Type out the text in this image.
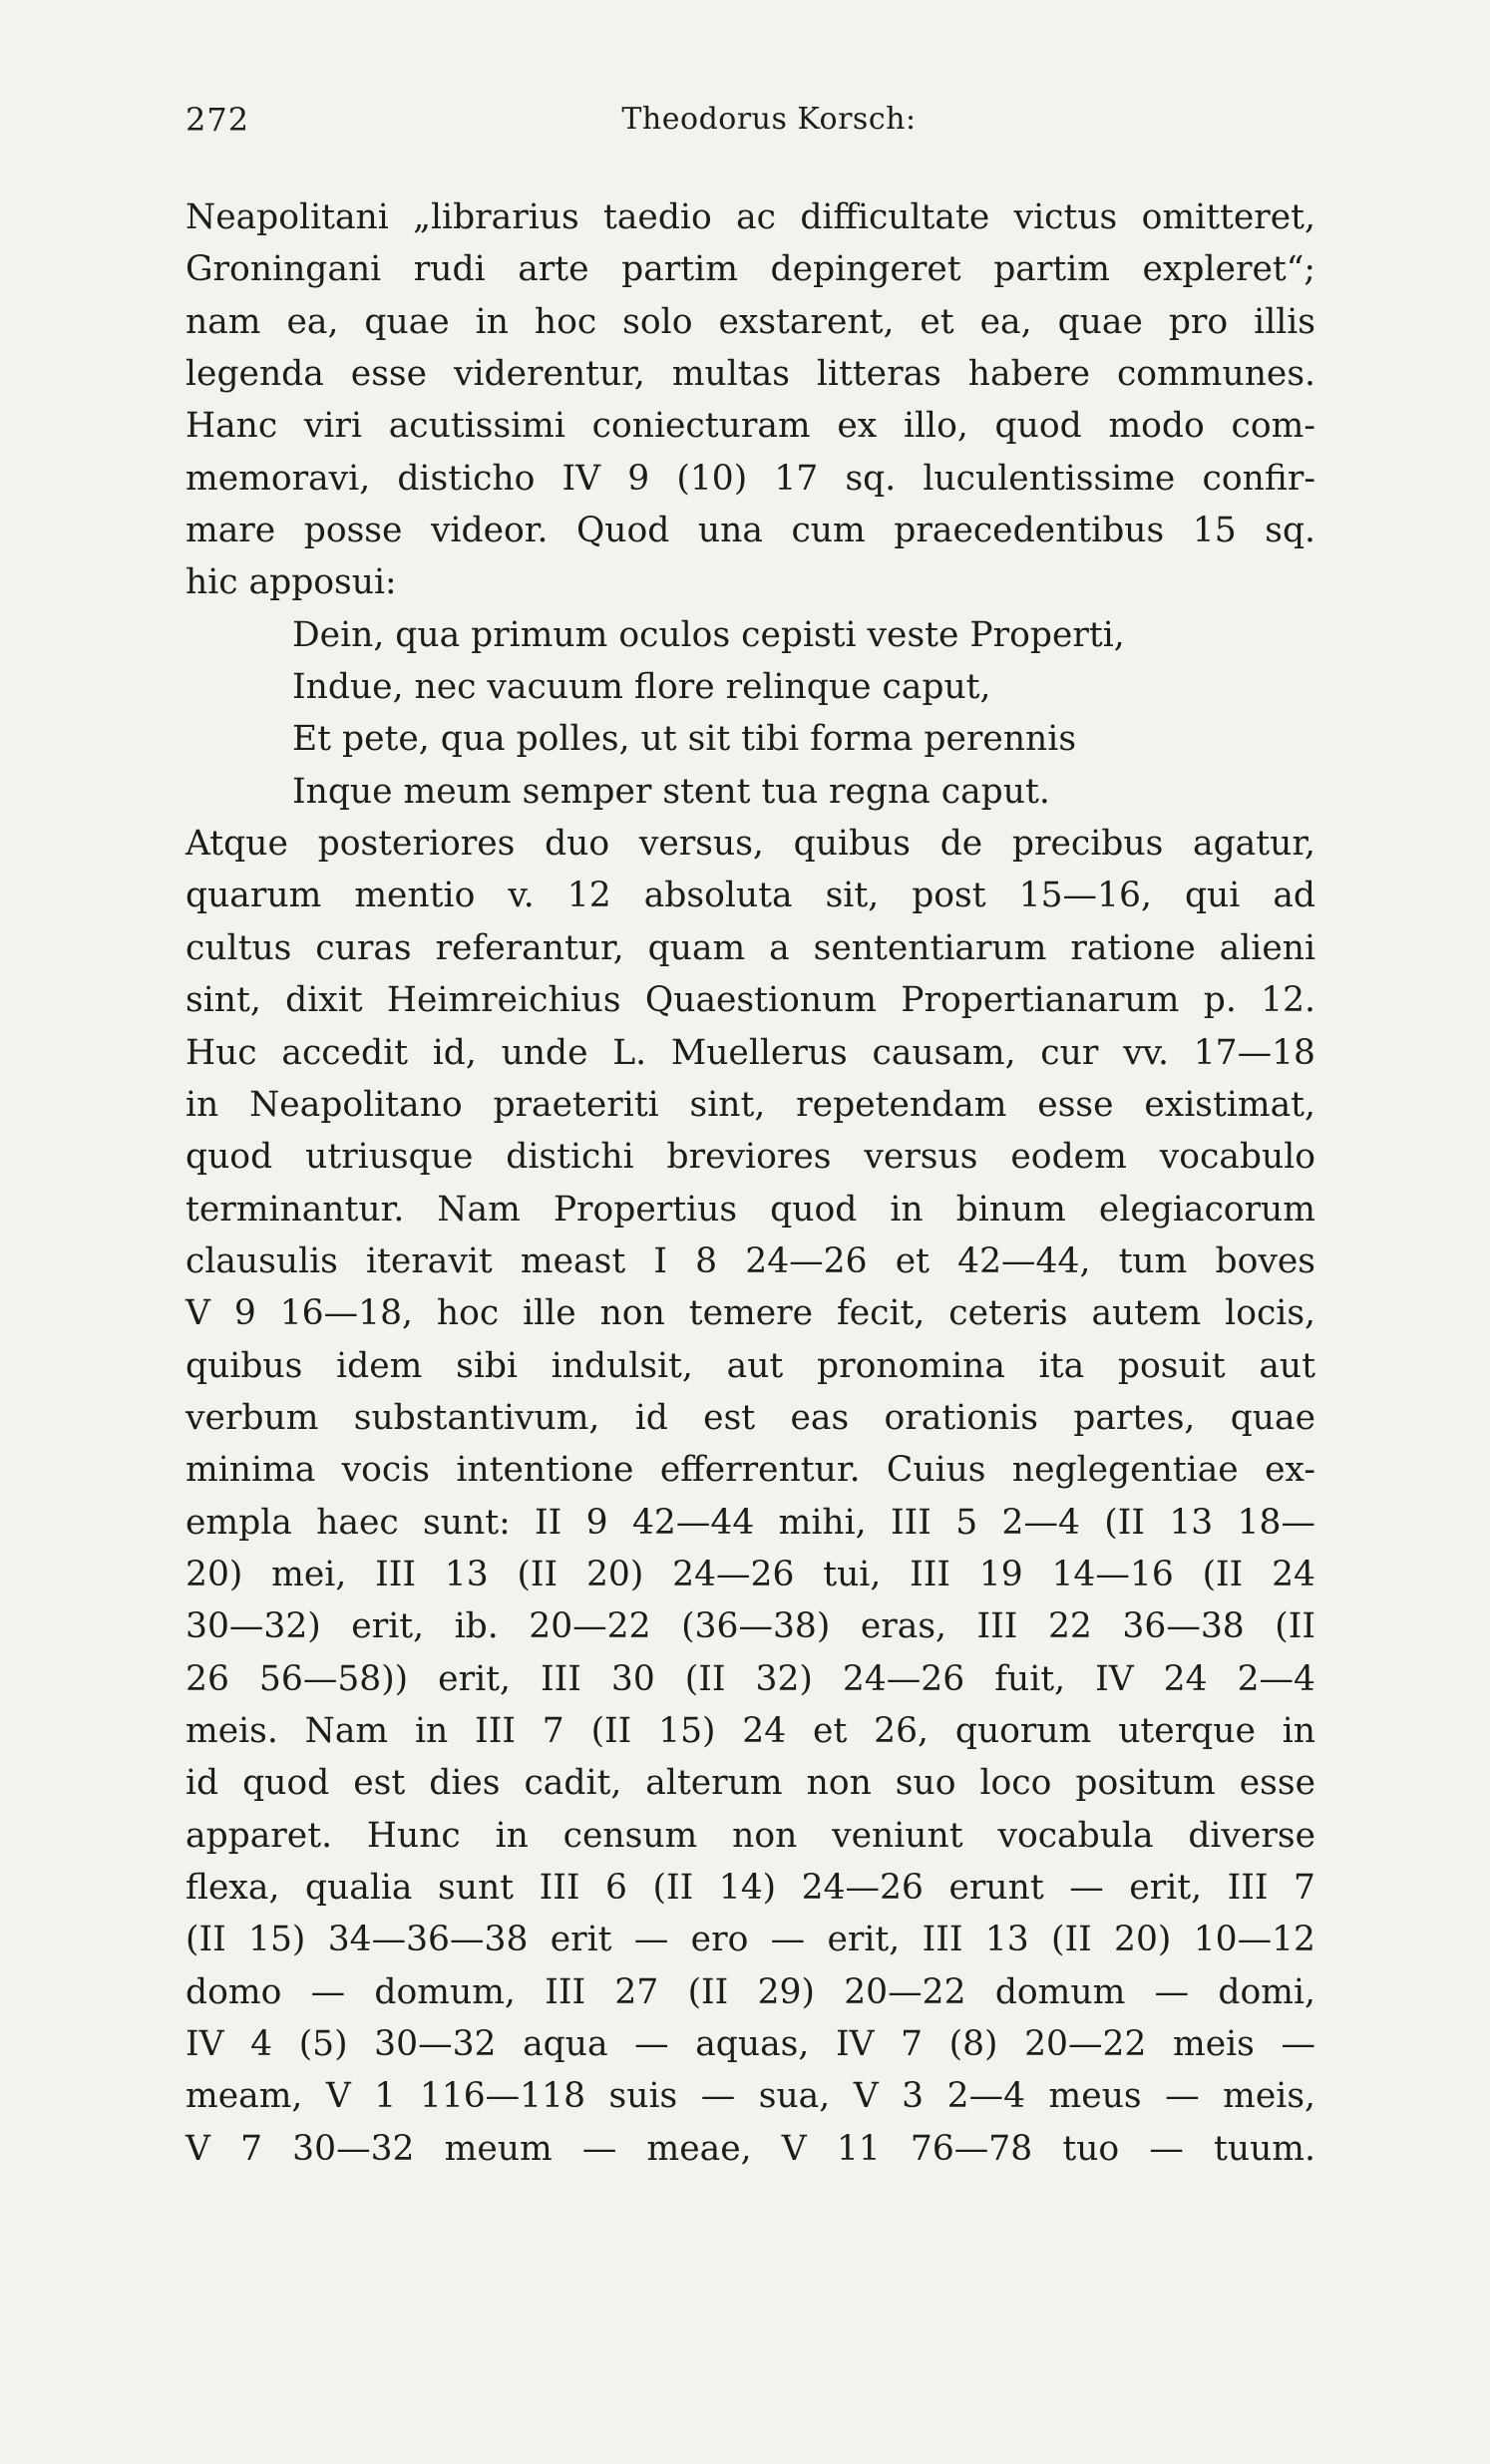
272	Theodorus Korsch:
Neapolitani „librarius taedio ac difficultate victus omitteret,
Groningani rudi arte partim depingeret partim expleret“;
nam ea, quae in hoc solo exstarent, et ea, quae pro illis
legenda esse viderentur, multas litteras habere communes.
Hanc viri acutissimi coniecturam ex illo, quod modo com-
memoravi, disticho IV 9 (10) 17 sq. luculentissime confir-
mare posse videor. Quod una cum praecedentibus 15 sq.
hic apposui:
Dein, qua primum oculos cepisti veste Properti,
Indue, nec vacuum flore relinque caput,
Et pete, qua polles, ut sit tibi forma perennis
Inque meum semper stent tua regna caput.
Atque posteriores duo versus, quibus de precibus agatur,
quarum mentio v. 12 absoluta sit, post 15—16, qui ad
cultus curas referantur, quam a sententiarum ratione alieni
sint, dixit Heimreichius Quaestionum Propertianarum p. 12.
Huc accedit id, unde L. Muellerus causam, cur vv. 17—18
in Neapolitano praeteriti sint, repetendam esse existimat,
quod utriusque distichi breviores versus eodem vocabulo
terminantur. Nam Propertius quod in binum elegiacorum
clausulis iteravit meast I 8 24—26 et 42—44, tum boves
V 9 16—18, hoc ille non temere fecit, ceteris autem locis,
quibus idem sibi indulsit, aut pronomina ita posuit aut
verbum substantivum, id est eas orationis partes, quae
minima vocis intentione efferrentur. Cuius neglegentiae ex-
empla haec sunt: II 9 42—44 mihi, III 5 2—4 (II 13 18—
20) mei, III 13 (II 20) 24—26 tui, III 19 14—16 (II 24
30—32) erit, ib. 20—22 (36—38) eras, III 22 36—38 (II
26 56—58)) erit, III 30 (II 32) 24—26 fuit, IV 24 2—4
meis. Nam in III 7 (II 15) 24 et 26, quorum uterque in
id quod est dies cadit, alterum non suo loco positum esse
apparet. Hunc in censum non veniunt vocabula diverse
flexa, qualia sunt III 6 (II 14) 24—26 erunt — erit, III 7
(II 15) 34—36—38 erit — ero — erit, III 13 (II 20) 10—12
domo — domum, III 27 (II 29) 20—22 domum — domi,
IV 4 (5) 30—32 aqua — aquas, IV 7 (8) 20—22 meis —
meam, V 1 116—118 suis — sua, V 3 2—4 meus — meis,
V 7 30—32 meum — meae, V 11 76—78 tuo — tuum.
